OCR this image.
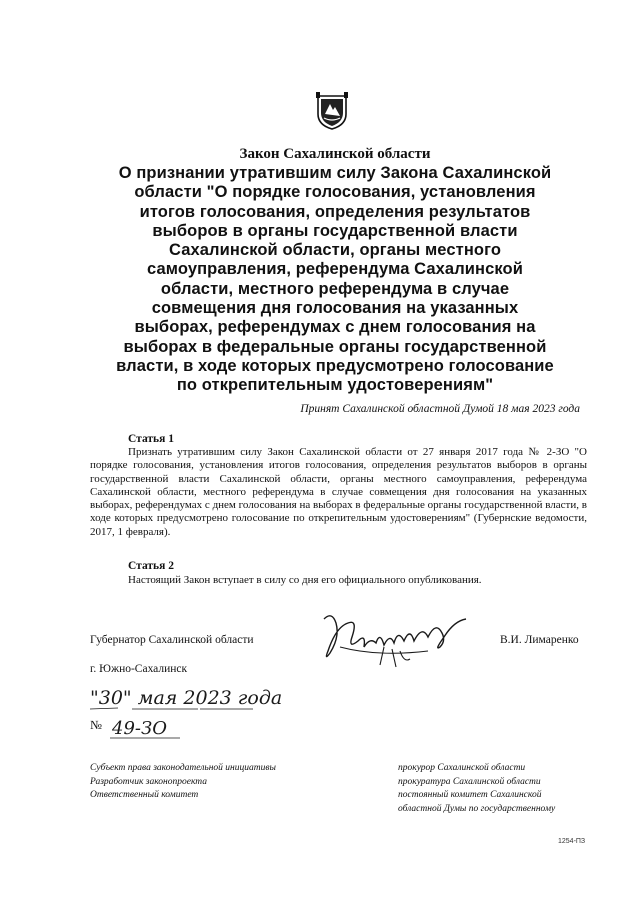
Закон Сахалинской области
О признании утратившим силу Закона Сахалинской
области "О порядке голосования, установления
итогов голосования, определения результатов
выборов в органы государственной власти
Сахалинской области, органы местного
самоуправления, референдума Сахалинской
области, местного референдума в случае
совмещения дня голосования на указанных
выборах, референдумах с днем голосования на
выборах в федеральные органы государственной
власти, в ходе которых предусмотрено голосование
по открепительным удостоверениям"
Принят Сахалинской областной Думой 18 мая 2023 года
Статья 1
Признать утратившим силу Закон Сахалинской области от 27 января 2017 года № 2-ЗО "О порядке голосования, установления итогов голосования, определения результатов выборов в органы государственной власти Сахалинской области, органы местного самоуправления, референдума Сахалинской области, местного референдума в случае совмещения дня голосования на указанных выборах, референдумах с днем голосования на выборах в федеральные органы государственной власти, в ходе которых предусмотрено голосование по открепительным удостоверениям" (Губернские ведомости, 2017, 1 февраля).
Статья 2
Настоящий Закон вступает в силу со дня его официального опубликования.
Губернатор Сахалинской области	В.И. Лимаренко
г. Южно-Сахалинск
"30" мая 2023 года
№ 49-ЗО
Субъект права законодательной инициативы
Разработчик законопроекта
Ответственный комитет
прокурор Сахалинской области
прокуратура Сахалинской области
постоянный комитет Сахалинской
областной Думы по государственному
1254-ПЗ
